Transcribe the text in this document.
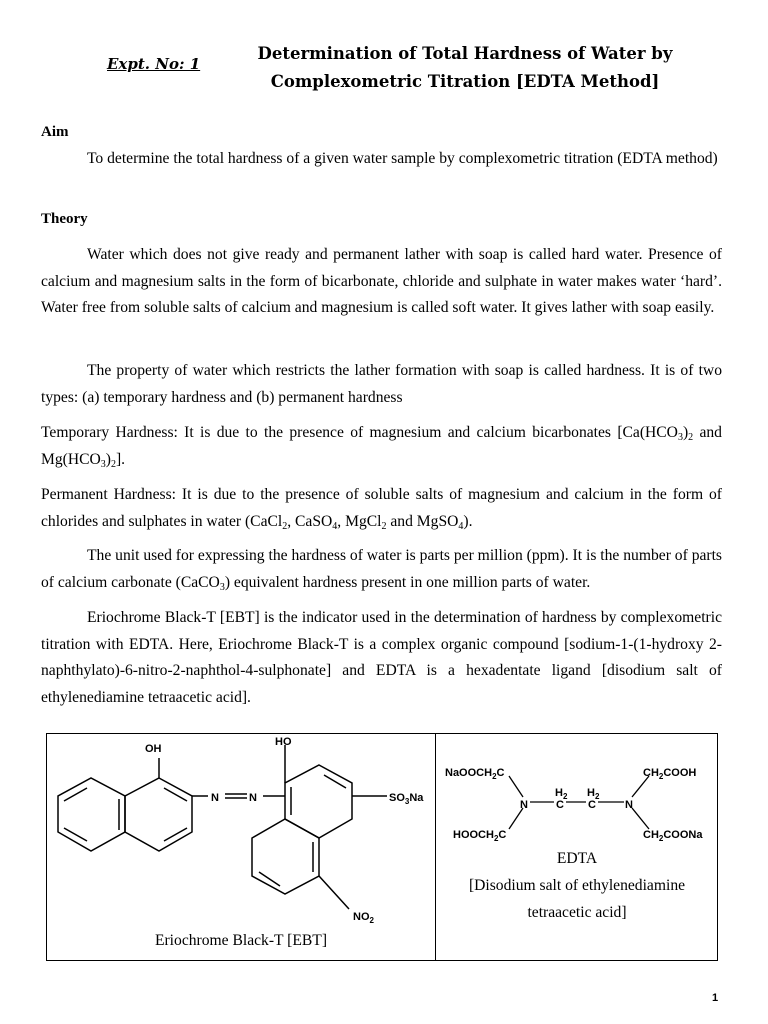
Expt. No: 1
Determination of Total Hardness of Water by
Complexometric Titration [EDTA Method]
Aim

To determine the total hardness of a given water sample by complexometric titration (EDTA method)

Theory

Water which does not give ready and permanent lather with soap is called hard water. Presence of calcium and magnesium salts in the form of bicarbonate, chloride and sulphate in water makes water ‘hard’. Water free from soluble salts of calcium and magnesium is called soft water. It gives lather with soap easily.

The property of water which restricts the lather formation with soap is called hardness. It is of two types: (a) temporary hardness and (b) permanent hardness

Temporary Hardness: It is due to the presence of magnesium and calcium bicarbonates [$Ca(HCO_3)_2$ and $Mg(HCO_3)_2$].

Permanent Hardness: It is due to the presence of soluble salts of magnesium and calcium in the form of chlorides and sulphates in water (CaCl$_2$, CaSO$_4$, MgCl$_2$ and MgSO$_4$).

The unit used for expressing the hardness of water is parts per million (ppm). It is the number of parts of calcium carbonate (CaCO$_3$) equivalent hardness present in one million parts of water.

Eriochrome Black-T [EBT] is the indicator used in the determination of hardness by complexometric titration with EDTA. Here, Eriochrome Black-T is a complex organic compound [sodium-1-(1-hydroxy 2-naphthylato)-6-nitro-2-naphthol-4-sulphonate] and EDTA is a hexadentate ligand [disodium salt of ethylenediamine tetraacetic acid].

OH
HO
N	N	$SO_3Na$
$NO_2$
Eriochrome Black-T [EBT]
NaOOCH$_2$C
$HOOCH_2C$
$CH_2COOH$
$CH_2COONa$
N	N
C C
$H_2$ $H_2$
EDTA
[Disodium salt of ethylenediamine
tetraacetic acid]
1
